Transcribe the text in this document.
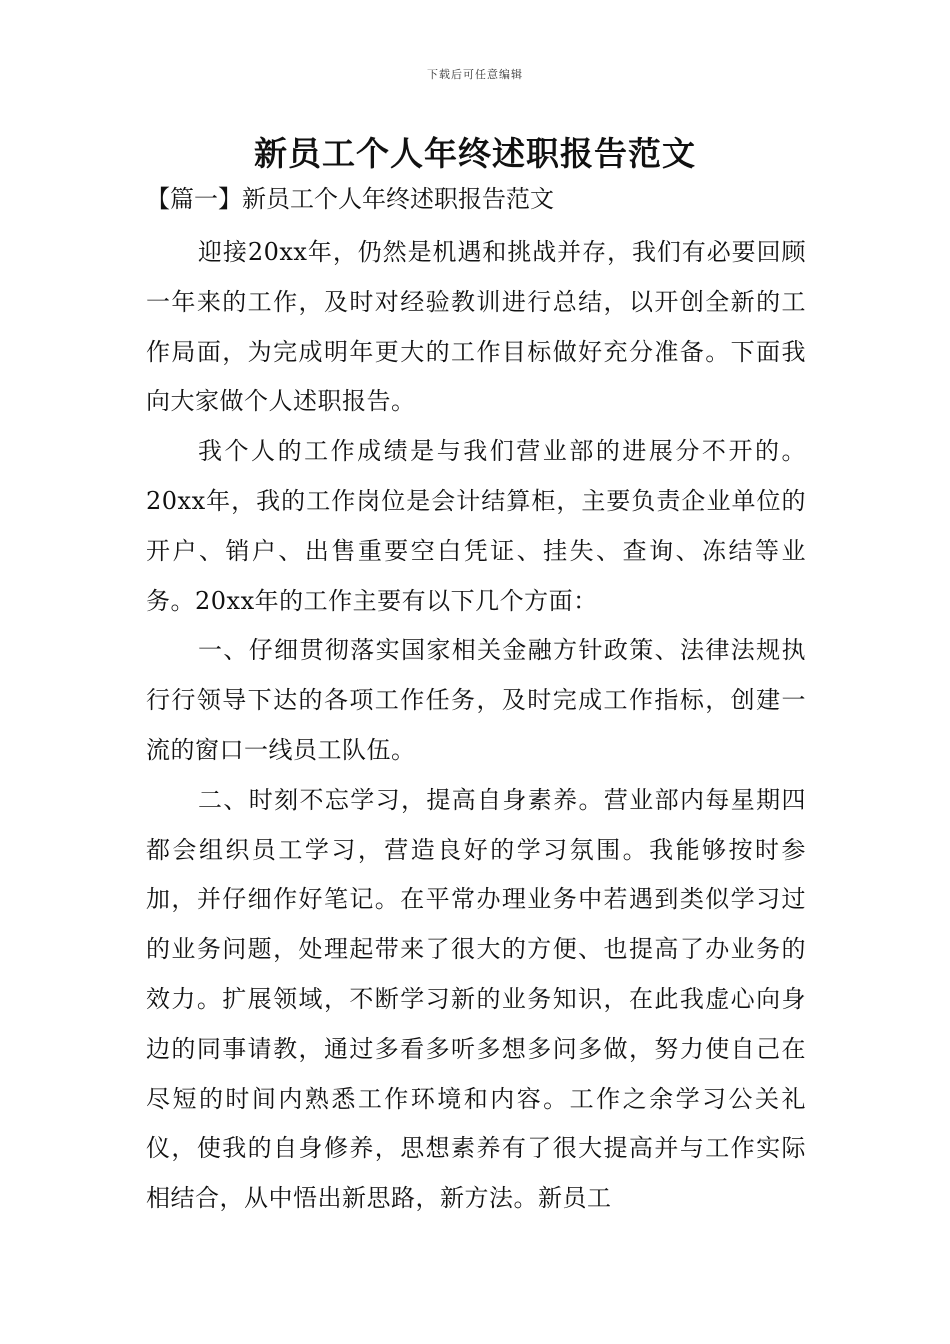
下载后可任意编辑
新员工个人年终述职报告范文
【篇一】新员工个人年终述职报告范文

迎接20xx年，仍然是机遇和挑战并存，我们有必要回顾一年来的工作，及时对经验教训进行总结，以开创全新的工作局面，为完成明年更大的工作目标做好充分准备。下面我向大家做个人述职报告。

我个人的工作成绩是与我们营业部的进展分不开的。20xx年，我的工作岗位是会计结算柜，主要负责企业单位的开户、销户、出售重要空白凭证、挂失、查询、冻结等业务。20xx年的工作主要有以下几个方面：

一、仔细贯彻落实国家相关金融方针政策、法律法规执行行领导下达的各项工作任务，及时完成工作指标，创建一流的窗口一线员工队伍。

二、时刻不忘学习，提高自身素养。营业部内每星期四都会组织员工学习，营造良好的学习氛围。我能够按时参加，并仔细作好笔记。在平常办理业务中若遇到类似学习过的业务问题，处理起带来了很大的方便、也提高了办业务的效力。扩展领域，不断学习新的业务知识，在此我虚心向身边的同事请教，通过多看多听多想多问多做，努力使自己在尽短的时间内熟悉工作环境和内容。工作之余学习公关礼仪，使我的自身修养，思想素养有了很大提高并与工作实际相结合，从中悟出新思路，新方法。新员工
